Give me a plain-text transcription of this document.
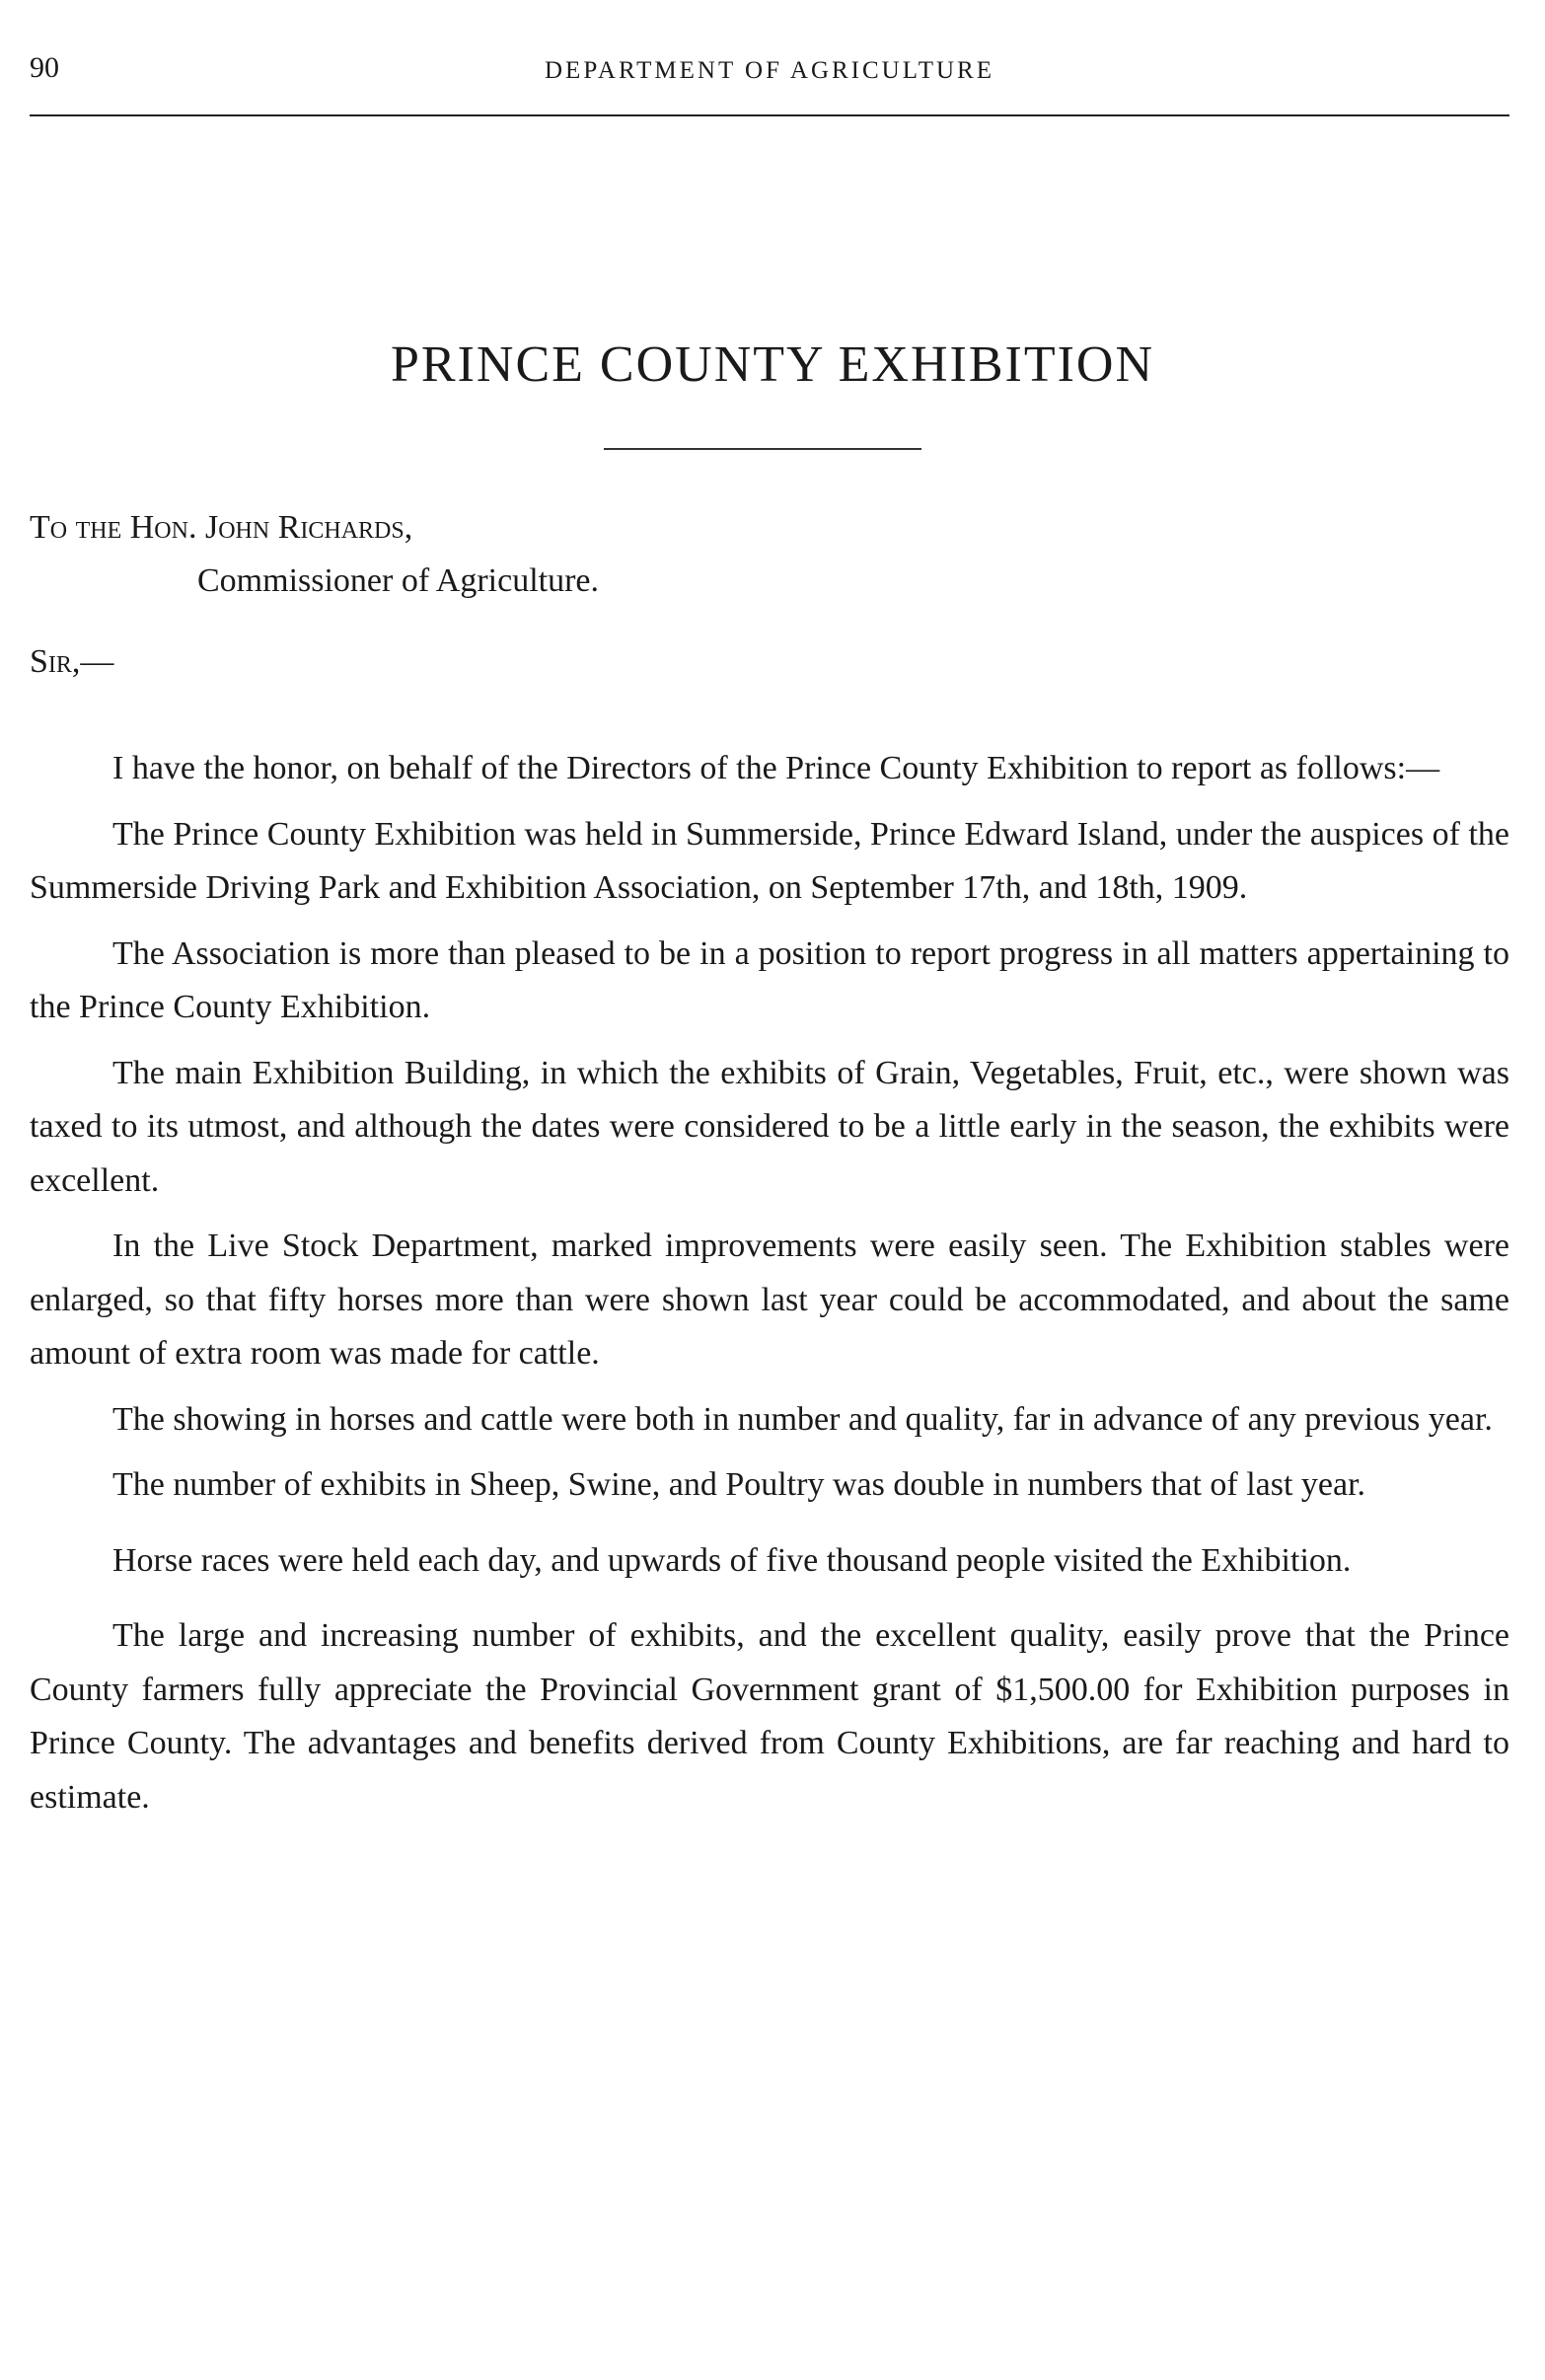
90	DEPARTMENT OF AGRICULTURE
PRINCE COUNTY EXHIBITION
To the Hon. John Richards,
Commissioner of Agriculture.
Sir,—

I have the honor, on behalf of the Directors of the Prince County Exhibition to report as follows:—

The Prince County Exhibition was held in Summerside, Prince Edward Island, under the auspices of the Summerside Driving Park and Exhibition Association, on September 17th, and 18th, 1909.

The Association is more than pleased to be in a position to report progress in all matters appertaining to the Prince County Exhibition.

The main Exhibition Building, in which the exhibits of Grain, Vegetables, Fruit, etc., were shown was taxed to its utmost, and although the dates were considered to be a little early in the season, the exhibits were excellent.

In the Live Stock Department, marked improvements were easily seen. The Exhibition stables were enlarged, so that fifty horses more than were shown last year could be accommodated, and about the same amount of extra room was made for cattle.

The showing in horses and cattle were both in number and quality, far in advance of any previous year.

The number of exhibits in Sheep, Swine, and Poultry was double in numbers that of last year.

Horse races were held each day, and upwards of five thousand people visited the Exhibition.

The large and increasing number of exhibits, and the excellent quality, easily prove that the Prince County farmers fully appreciate the Provincial Government grant of $1,500.00 for Exhibition purposes in Prince County. The advantages and benefits derived from County Exhibitions, are far reaching and hard to estimate.
